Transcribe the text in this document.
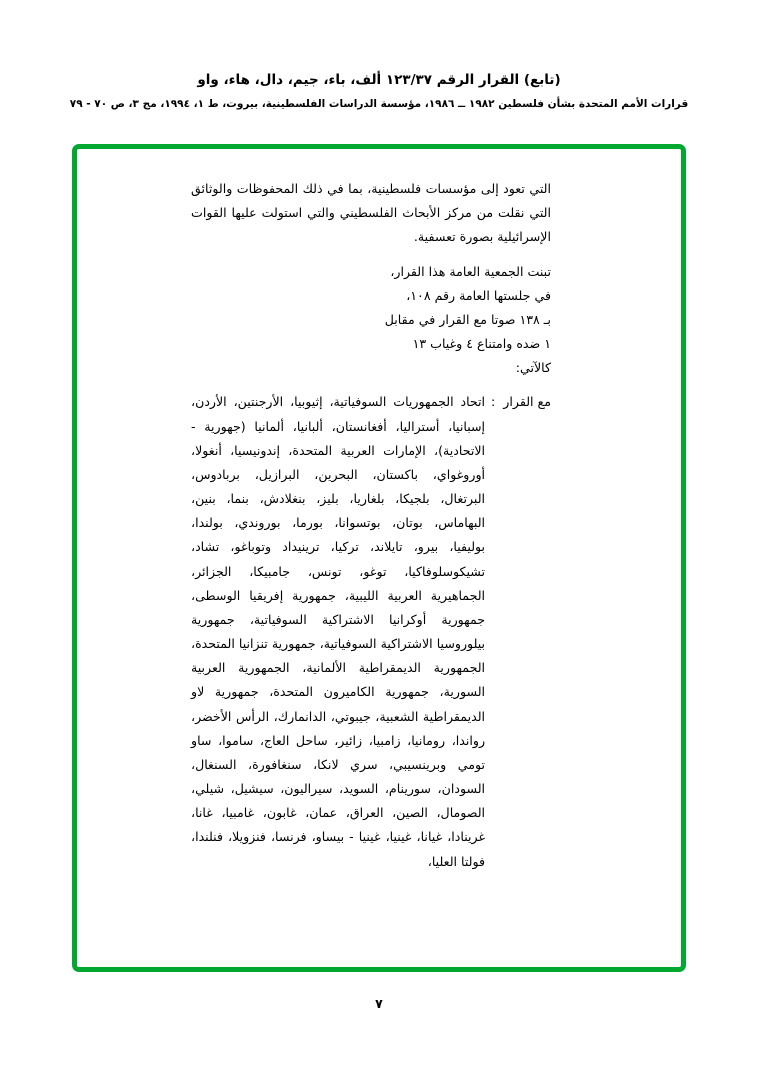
(تابع) القرار الرقم ١٢٣/٣٧ ألف، باء، جيم، دال، هاء، واو
قرارات الأمم المتحدة بشأن فلسطين ١٩٨٢ ــ ١٩٨٦، مؤسسة الدراسات الفلسطينية، بيروت، ط ١، ١٩٩٤، مج ٣، ص ٧٠ - ٧٩

التي تعود إلى مؤسسات فلسطينية، بما في ذلك المحفوظات والوثائق التي نقلت من مركز الأبحاث الفلسطيني والتي استولت عليها القوات الإسرائيلية بصورة تعسفية.

تبنت الجمعية العامة هذا القرار،

في جلستها العامة رقم ١٠٨،

بـ ١٣٨ صوتا مع القرار في مقابل

١ ضده وامتناع ٤ وغياب ١٣

كالآتي:

مع القرار
:
اتحاد الجمهوريات السوفياتية، إثيوبيا، الأرجنتين، الأردن، إسبانيا، أستراليا، أفغانستان، ألبانيا، ألمانيا (جهورية - الاتحادية)، الإمارات العربية المتحدة، إندونيسيا، أنغولا، أوروغواي، باكستان، البحرين، البرازيل، بربادوس، البرتغال، بلجيكا، بلغاريا، بليز، بنغلادش، بنما، بنين، البهاماس، بوتان، بوتسوانا، بورما، بوروندي، بولندا، بوليفيا، بيرو، تايلاند، تركيا، ترينيداد وتوباغو، تشاد، تشيكوسلوفاكيا، توغو، تونس، جامبيكا، الجزائر، الجماهيرية العربية الليبية، جمهورية إفريقيا الوسطى، جمهورية أوكرانيا الاشتراكية السوفياتية، جمهورية بيلوروسيا الاشتراكية السوفياتية، جمهورية تنزانيا المتحدة، الجمهورية الديمقراطية الألمانية، الجمهورية العربية السورية، جمهورية الكاميرون المتحدة، جمهورية لاو الديمقراطية الشعبية، جيبوتي، الدانمارك، الرأس الأخضر، رواندا، رومانيا، زامبيا، زائير، ساحل العاج، ساموا، ساو تومي وبرينسيبي، سري لانكا، سنغافورة، السنغال، السودان، سورينام، السويد، سيراليون، سيشيل، شيلي، الصومال، الصين، العراق، عمان، غابون، غامبيا، غانا، غرينادا، غيانا، غينيا، غينيا - بيساو، فرنسا، فنزويلا، فنلندا، فولتا العليا،
٧
